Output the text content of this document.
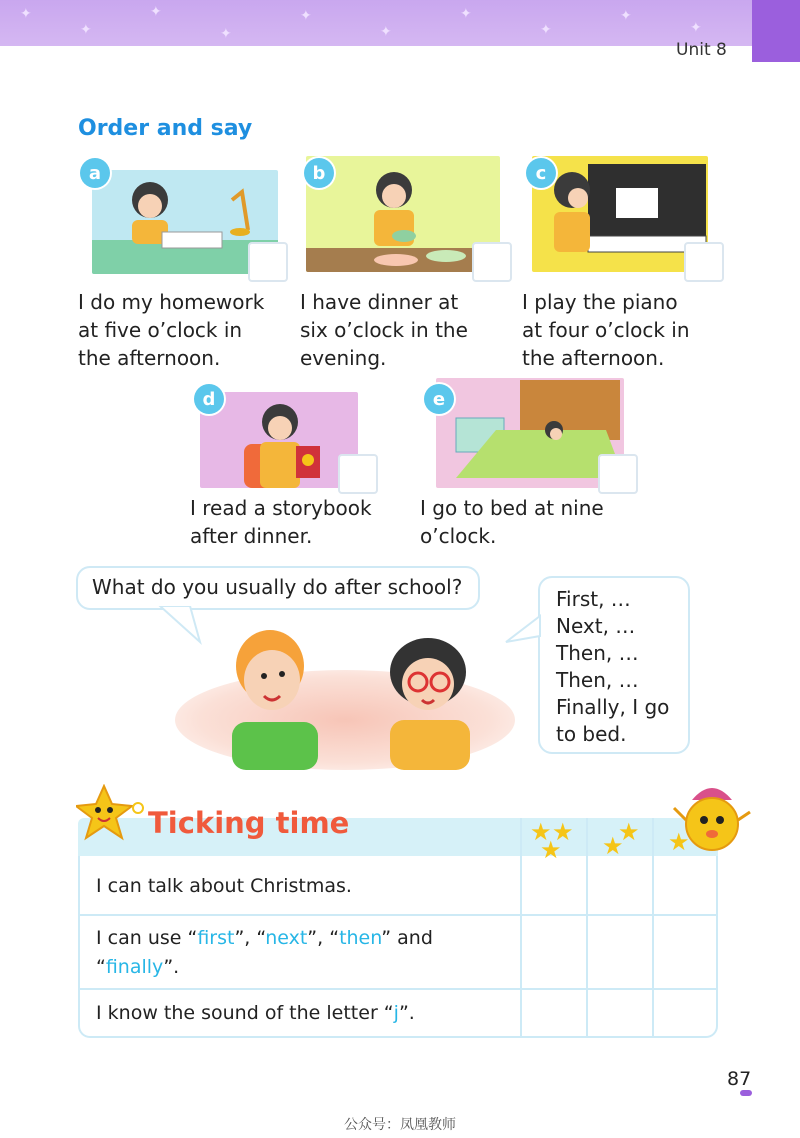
✦
✦
✦
✦
✦
✦
✦
✦
✦
✦
Unit 8
Order and say
a
I do my homework
at five o’clock in
the afternoon.
b
I have dinner at
six o’clock in the
evening.
c
I play the piano
at four o’clock in
the afternoon.
d
I read a storybook
after dinner.
e
I go to bed at nine
o’clock.
What do you usually do after school?	First, …
Next, …
Then, …
Then, …
Finally, I go
to bed.
Ticking time	★ ★
★ ★
★ ★
I can talk about Christmas.
I can use “first”, “next”, “then” and
“finally”.
I know the sound of the letter “j”.
87
公众号：凤凰教师
